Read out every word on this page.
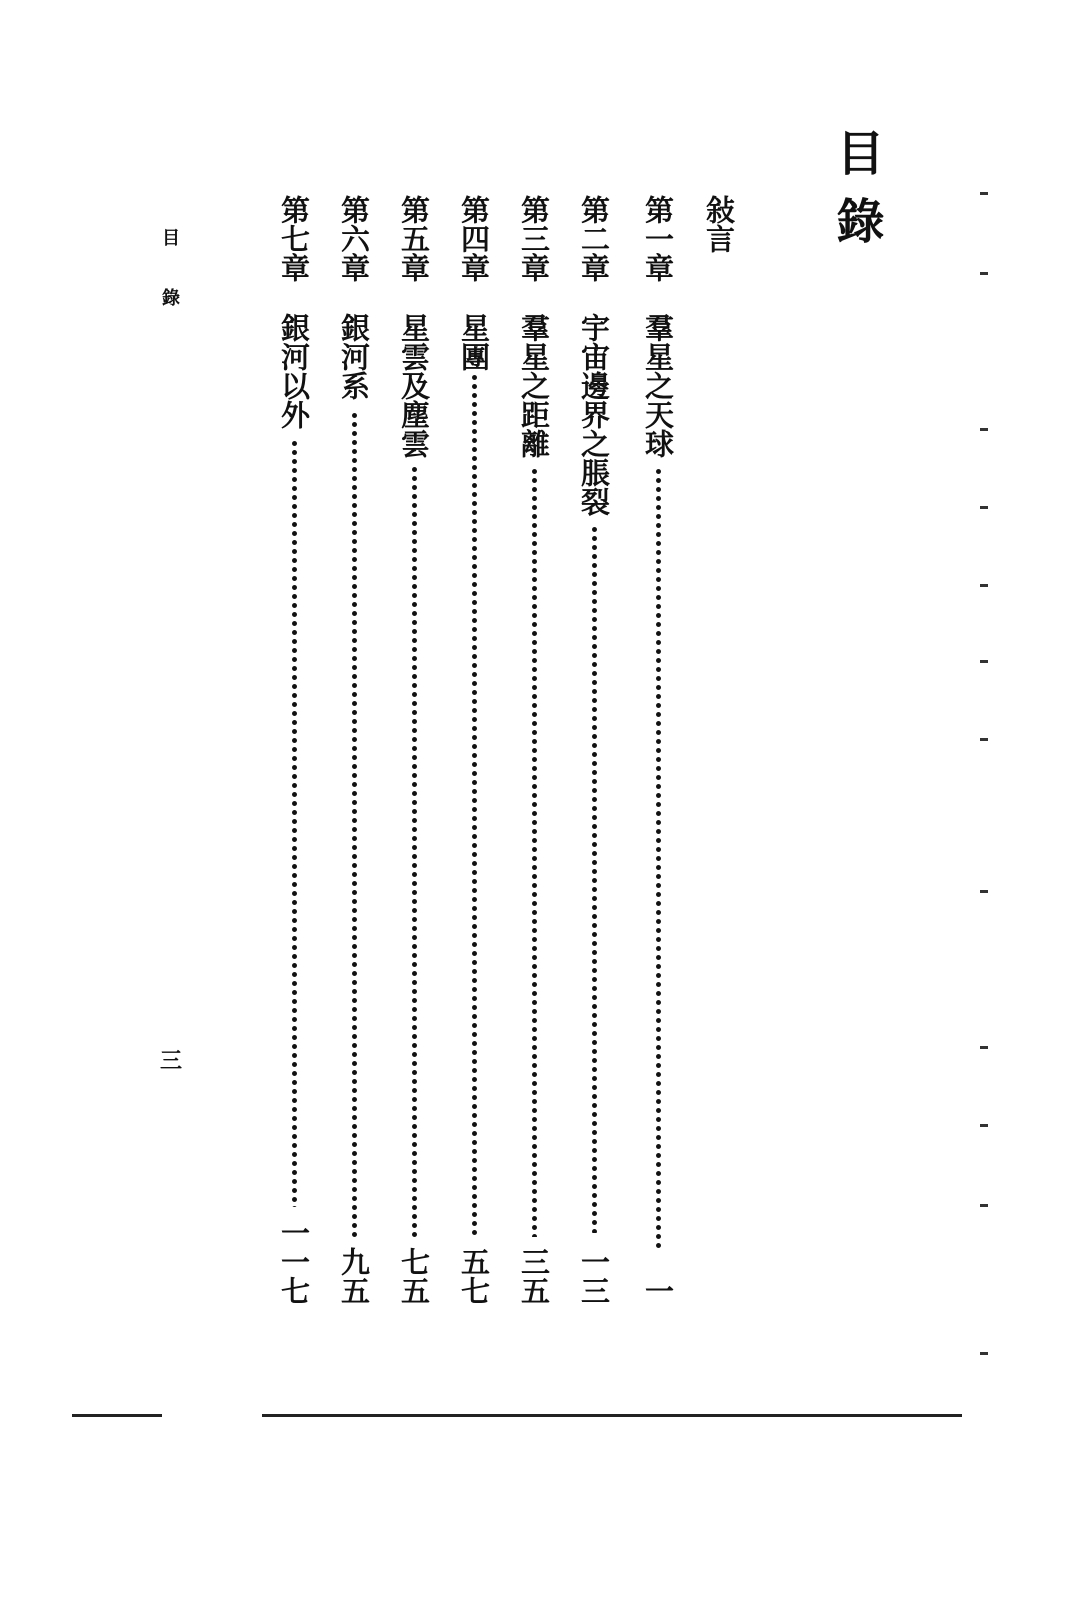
目錄
敍言
第一章
羣星之天球
一
第二章
宇宙邊界之脹裂
一三
第三章
羣星之距離
三五
第四章
星團
五七
第五章
星雲及塵雲
七五
第六章
銀河系
九五
第七章
銀河以外
一一七
目錄
三
